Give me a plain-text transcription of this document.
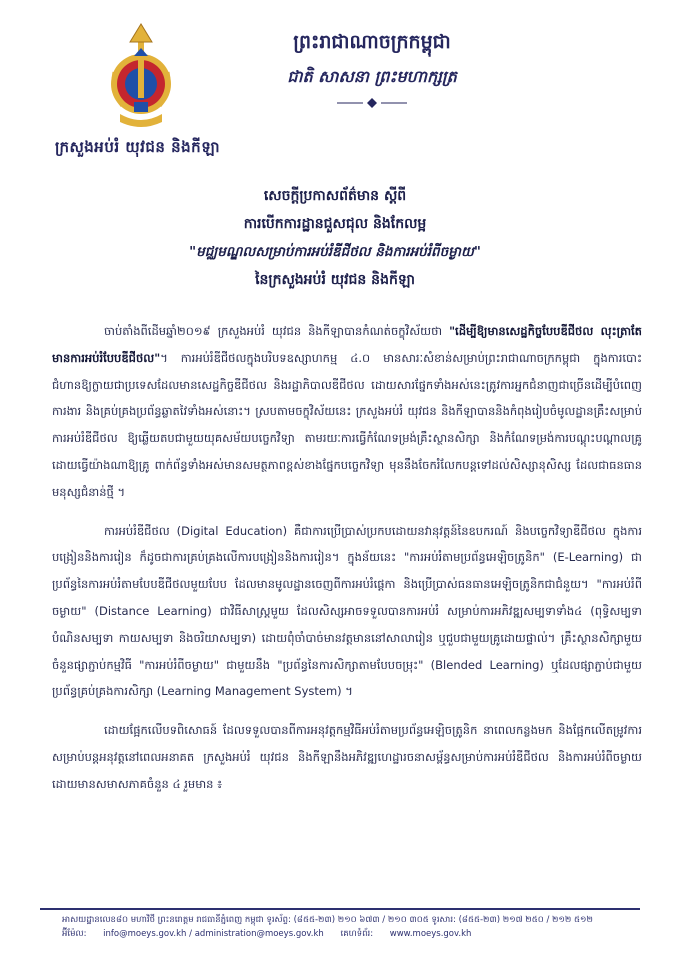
ក្រសួងអប់រំ យុវជន និងកីឡា
ព្រះរាជាណាចក្រកម្ពុជា
ជាតិ សាសនា ព្រះមហាក្សត្រ
សេចក្តីប្រកាសព័ត៌មាន ស្តីពី
ការបើកការដ្ឋានជួសជុល និងកែលម្អ
"មជ្ឈមណ្ឌលសម្រាប់ការអប់រំឌីជីថល និងការអប់រំពីចម្ងាយ"
នៃក្រសួងអប់រំ យុវជន និងកីឡា

ចាប់តាំងពីដើមឆ្នាំ២០១៩ ក្រសួងអប់រំ យុវជន និងកីឡាបានកំណត់ចក្ខុវិស័យថា "ដើម្បីឱ្យមានសេដ្ឋកិច្ចបែបឌីជីថល លុះត្រាតែមានការអប់រំបែបឌីជីថល"។ ការអប់រំឌីជីថលក្នុងបរិបទឧស្សាហកម្ម ៤.០ មានសារៈសំខាន់សម្រាប់ព្រះរាជាណាចក្រកម្ពុជា ក្នុងការបោះជំហានឱ្យក្លាយជាប្រទេសដែលមានសេដ្ឋកិច្ចឌីជីថល និងរដ្ឋាភិបាលឌីជីថល ដោយសារផ្នែកទាំងអស់នេះត្រូវការអ្នកជំនាញជាច្រើនដើម្បីបំពេញការងារ និងគ្រប់គ្រងប្រព័ន្ធឆ្លាតវៃទាំងអស់នោះ។ ស្របតាមចក្ខុវិស័យនេះ ក្រសួងអប់រំ យុវជន និងកីឡាបាននិងកំពុងរៀបចំមូលដ្ឋានគ្រឹះសម្រាប់ការអប់រំឌីជីថល ឱ្យឆ្លើយតបជាមួយយុគសម័យបច្ចេកវិទ្យា តាមរយៈការធ្វើកំណែទម្រង់គ្រឹះស្ថានសិក្សា និងកំណែទម្រង់ការបណ្តុះបណ្តាលគ្រូ ដោយធ្វើយ៉ាងណាឱ្យគ្រូ ពាក់ព័ន្ធទាំងអស់មានសមត្ថភាពខ្ពស់ខាងផ្នែកបច្ចេកវិទ្យា មុននឹងចែករំលែកបន្តទៅដល់សិស្សានុសិស្ស ដែលជាធនធានមនុស្សជំនាន់ថ្មី ។

ការអប់រំឌីជីថល (Digital Education) គឺជាការប្រើប្រាស់ប្រកបដោយនវានុវត្តន៍នៃឧបករណ៍ និងបច្ចេកវិទ្យាឌីជីថល ក្នុងការបង្រៀននិងការរៀន ក៏ដូចជាការគ្រប់គ្រងលើការបង្រៀននិងការរៀន។ ក្នុងន័យនេះ "ការអប់រំតាមប្រព័ន្ធអេឡិចត្រូនិក" (E-Learning) ជាប្រព័ន្ធនៃការអប់រំតាមបែបឌីជីថលមួយបែប ដែលមានមូលដ្ឋានចេញពីការអប់រំផ្តេកា និងប្រើប្រាស់ធនធានអេឡិចត្រូនិកជាជំនួយ។ "ការអប់រំពីចម្ងាយ" (Distance Learning) ជាវិធីសាស្ត្រមួយ ដែលសិស្សអាចទទួលបានការអប់រំ សម្រាប់ការអភិវឌ្ឍសម្បទាទាំង៤ (ពុទ្ធិសម្បទា បំណិនសម្បទា កាយសម្បទា និងចរិយាសម្បទា) ដោយពុំចាំបាច់មានវត្តមាននៅសាលារៀន ឬជួបជាមួយគ្រូដោយផ្ទាល់។ គ្រឹះស្ថានសិក្សាមួយចំនួនផ្សាភ្ជាប់កម្មវិធី "ការអប់រំពីចម្ងាយ" ជាមួយនឹង "ប្រព័ន្ធនៃការសិក្សាតាមបែបចម្រុះ" (Blended Learning) ឬដែលផ្សាភ្ជាប់ជាមួយប្រព័ន្ធគ្រប់គ្រងការសិក្សា (Learning Management System) ។

ដោយផ្អែកលើបទពិសោធន៍ ដែលទទួលបានពីការអនុវត្តកម្មវិធីអប់រំតាមប្រព័ន្ធអេឡិចត្រូនិក នាពេលកន្លងមក និងផ្អែកលើតម្រូវការសម្រាប់បន្តអនុវត្តនៅពេលអនាគត ក្រសួងអប់រំ យុវជន និងកីឡានឹងអភិវឌ្ឍហេដ្ឋារចនាសម្ព័ន្ធសម្រាប់ការអប់រំឌីជីថល និងការអប់រំពីចម្ងាយ ដោយមានសមាសភាគចំនួន ៤ រួមមាន ៖

អាសយដ្ឋានលេខ៨០ មហាវិថី ព្រះនរោត្តម រាជធានីភ្នំពេញ កម្ពុជា ទូរស័ព្ទ: (៨៥៥-២៣) ២១០ ៦៧៣ / ២១០ ៣០៥ ទូរសារ: (៨៥៥-២៣) ២១៧ ២៥០ / ២១២ ៥១២
អ៊ីម៉ែល: info@moeys.gov.kh / administration@moeys.gov.kh គេហទំព័រ: www.moeys.gov.kh
